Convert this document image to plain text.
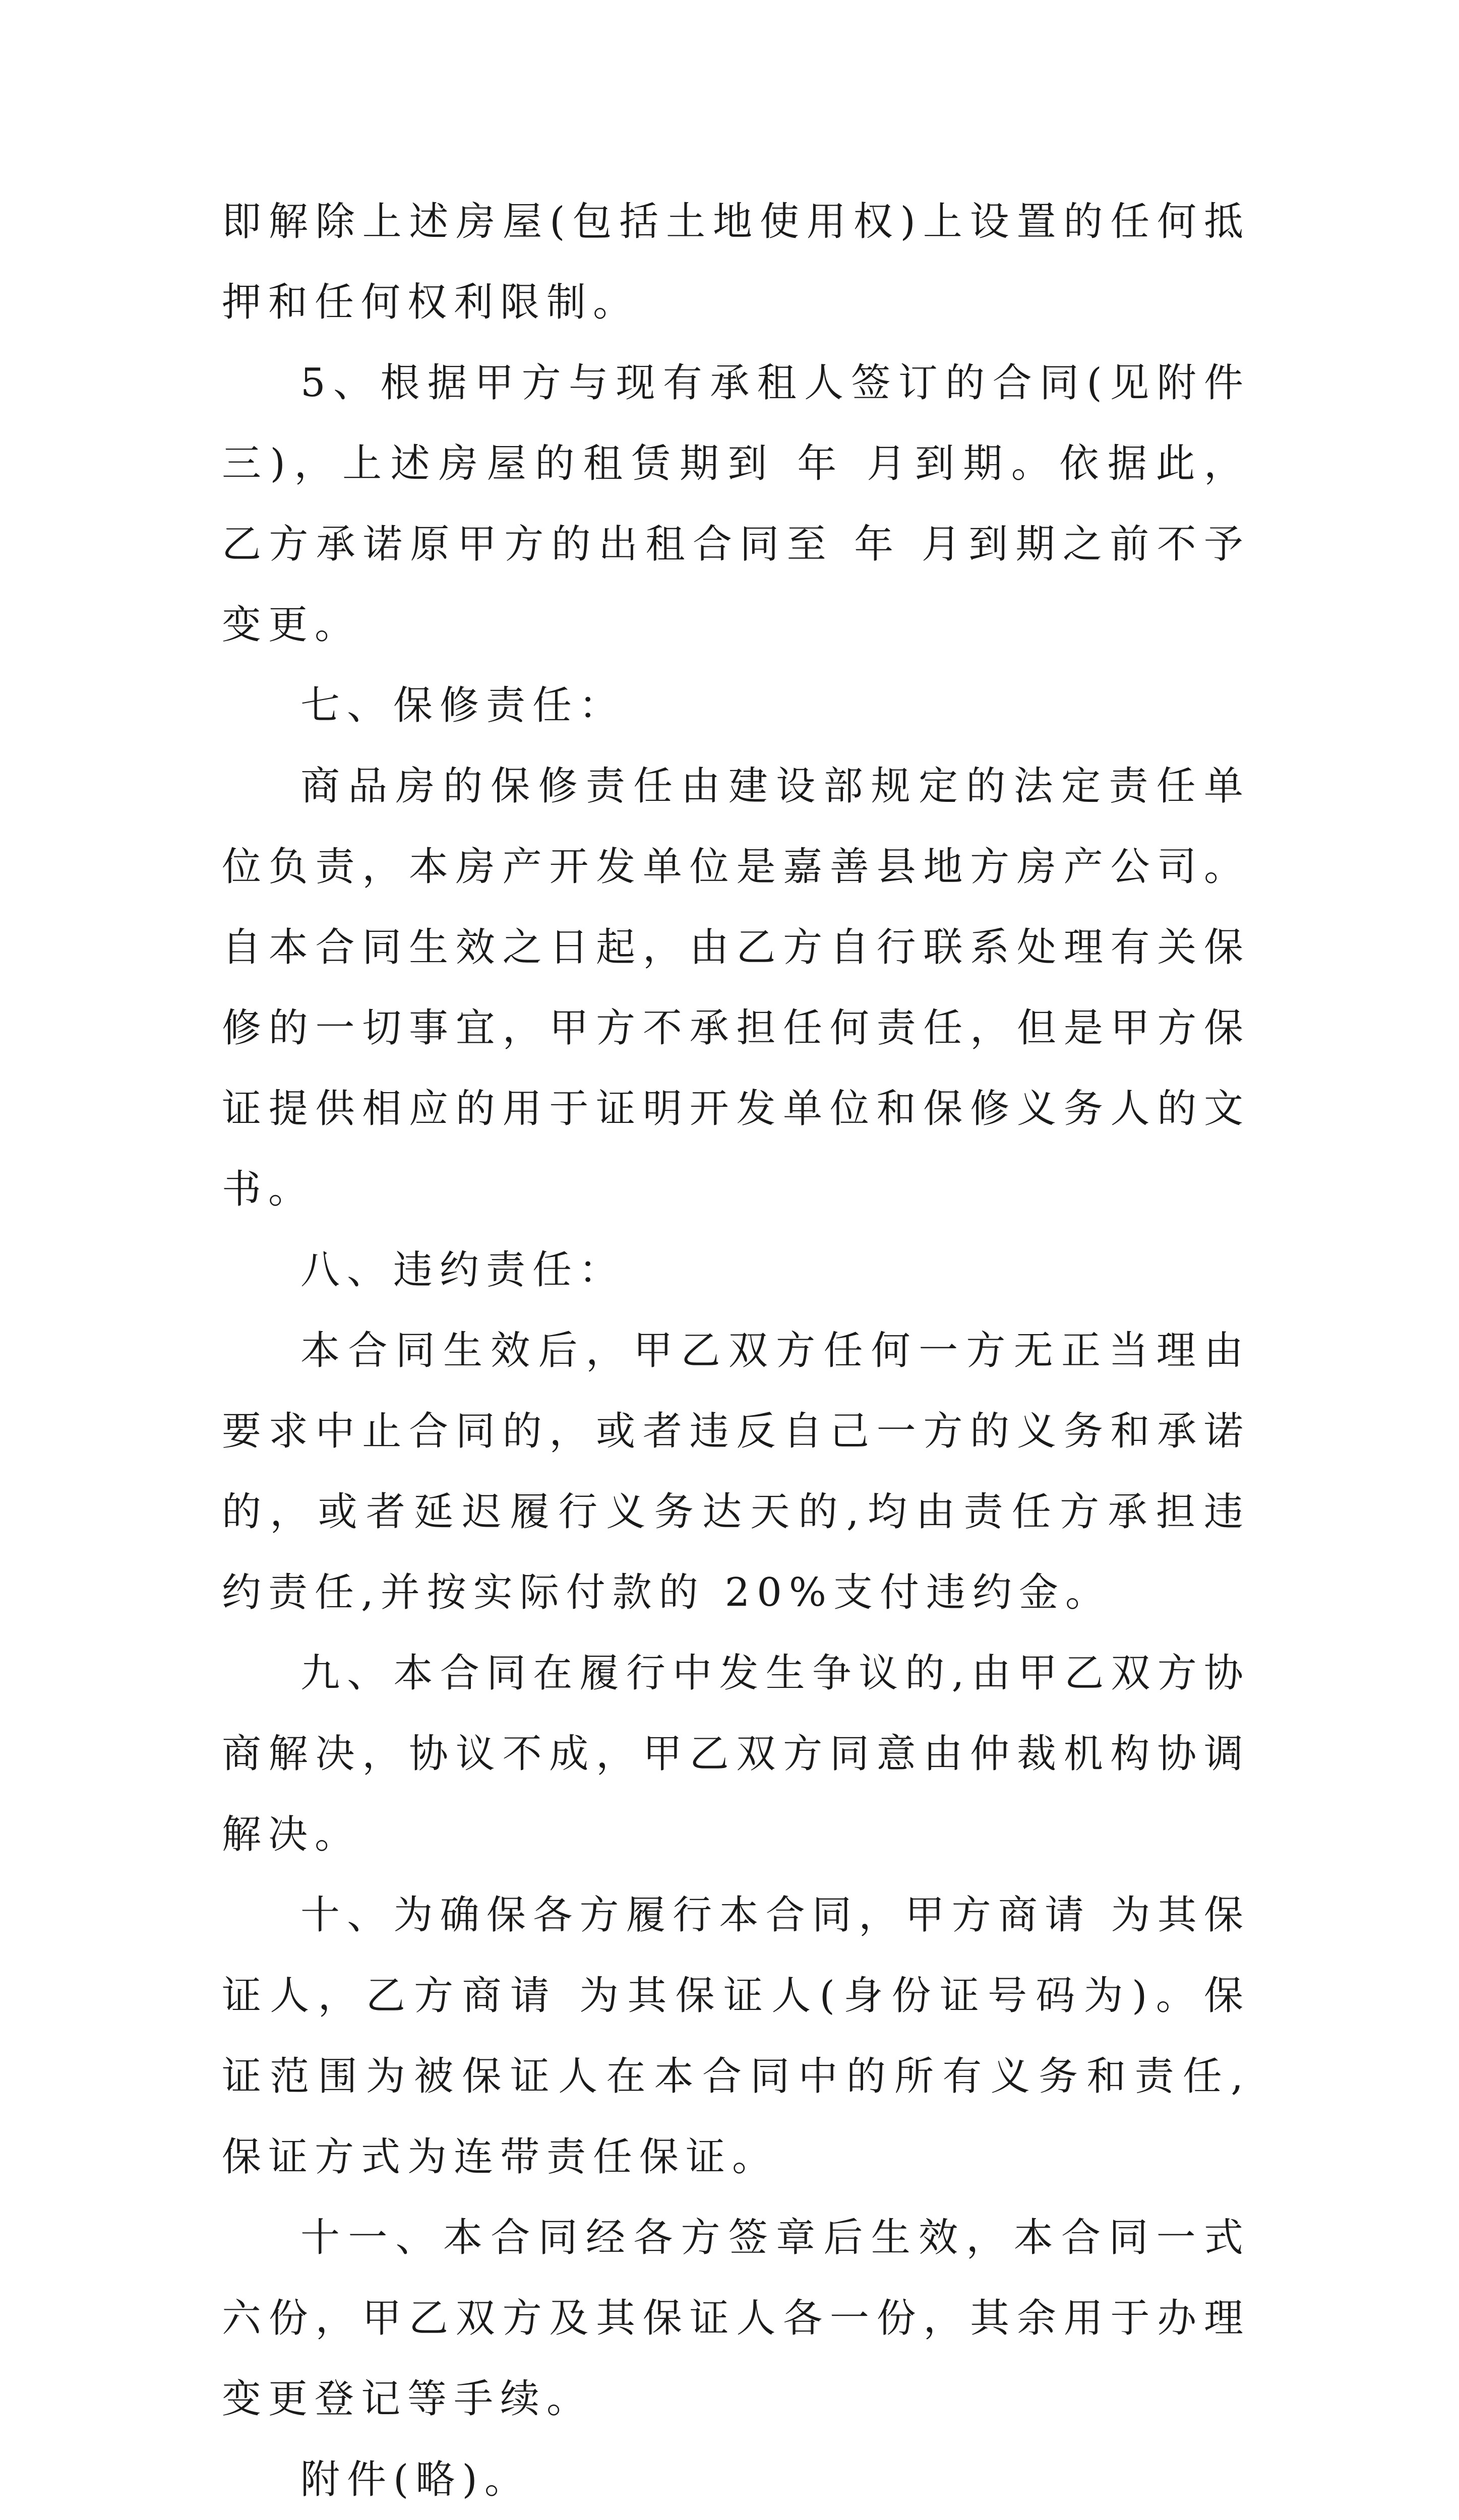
即解除上述房屋(包括土地使用权)上设置的任何抵押和任何权利限制。

5、根据甲方与现有承租人签订的合同(见附件三)，上述房屋的租赁期到 年 月到期。依据此，乙方承诺原甲方的出租合同至 年 月到期之前不予变更。

七、保修责任：

商品房的保修责任由建设部规定的法定责任单位负责，本房产开发单位是嘉善县地方房产公司。自本合同生效之日起，由乙方自行联系处理有关保修的一切事宜，甲方不承担任何责任，但是甲方保证提供相应的用于证明开发单位和保修义务人的文书。

八、违约责任：

本合同生效后，甲乙双方任何一方无正当理由要求中止合同的，或者违反自己一方的义务和承诺的，或者延迟履行义务达天的,均由责任方承担违约责任,并按实际付款的 20%支付违约金。

九、本合同在履行中发生争议的,由甲乙双方协商解决，协议不成，甲乙双方同意由仲裁机构协调解决。

十、为确保各方履行本合同，甲方商请 为其保证人，乙方商请 为其保证人(身份证号码为)。保证范围为被保证人在本合同中的所有义务和责任,保证方式为连带责任保证。

十一、本合同经各方签章后生效，本合同一式六份，甲乙双方及其保证人各一份，其余用于办理变更登记等手续。

附件(略)。
